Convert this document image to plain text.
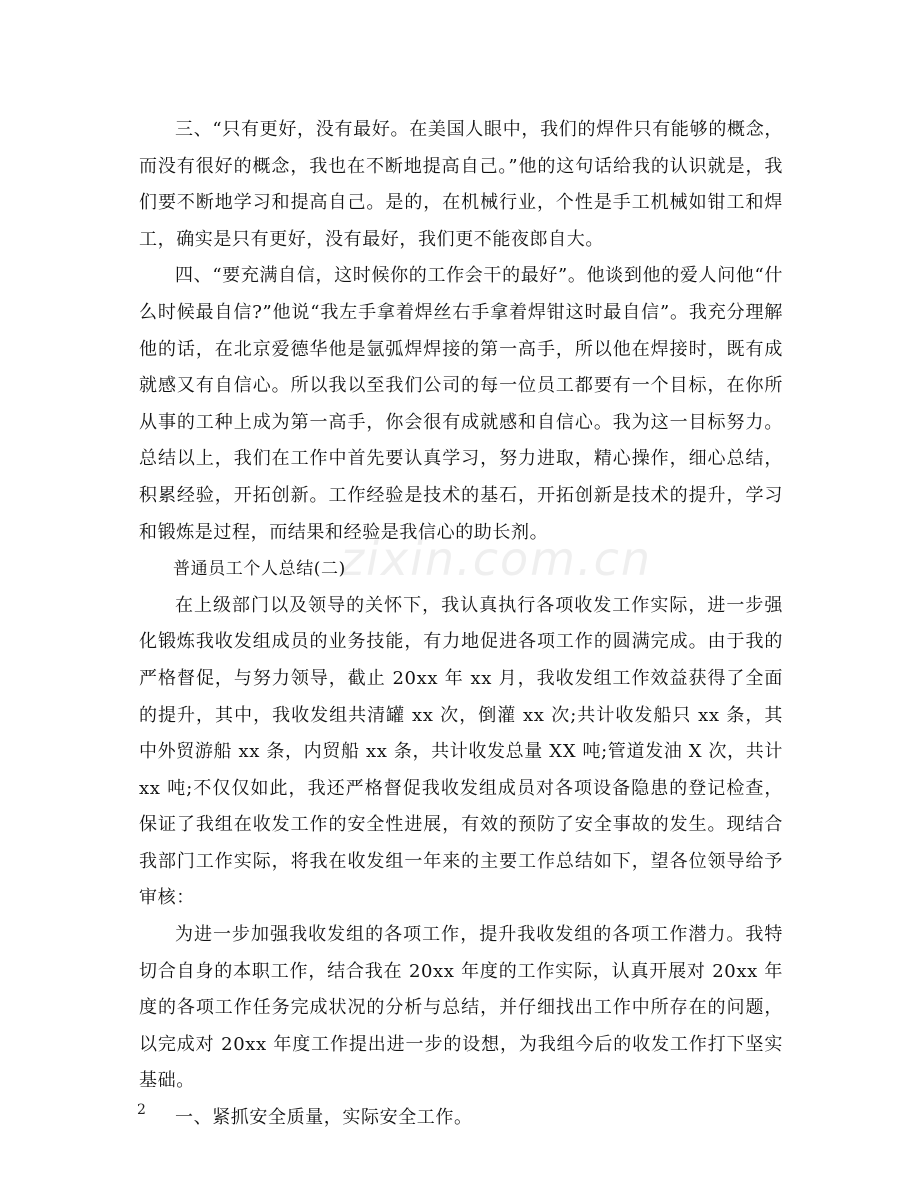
zixin.com.cn

三、“只有更好，没有最好。在美国人眼中，我们的焊件只有能够的概念，而没有很好的概念，我也在不断地提高自己。”他的这句话给我的认识就是，我们要不断地学习和提高自己。是的，在机械行业，个性是手工机械如钳工和焊工，确实是只有更好，没有最好，我们更不能夜郎自大。

四、“要充满自信，这时候你的工作会干的最好”。他谈到他的爱人问他“什么时候最自信?”他说“我左手拿着焊丝右手拿着焊钳这时最自信”。我充分理解他的话，在北京爱德华他是氩弧焊焊接的第一高手，所以他在焊接时，既有成就感又有自信心。所以我以至我们公司的每一位员工都要有一个目标，在你所从事的工种上成为第一高手，你会很有成就感和自信心。我为这一目标努力。总结以上，我们在工作中首先要认真学习，努力进取，精心操作，细心总结，积累经验，开拓创新。工作经验是技术的基石，开拓创新是技术的提升，学习和锻炼是过程，而结果和经验是我信心的助长剂。

普通员工个人总结(二)

在上级部门以及领导的关怀下，我认真执行各项收发工作实际，进一步强化锻炼我收发组成员的业务技能，有力地促进各项工作的圆满完成。由于我的严格督促，与努力领导，截止 20xx 年 xx 月，我收发组工作效益获得了全面的提升，其中，我收发组共清罐 xx 次，倒灌 xx 次;共计收发船只 xx 条，其中外贸游船 xx 条，内贸船 xx 条，共计收发总量 XX 吨;管道发油 X 次，共计 xx 吨;不仅仅如此，我还严格督促我收发组成员对各项设备隐患的登记检查，保证了我组在收发工作的安全性进展，有效的预防了安全事故的发生。现结合我部门工作实际，将我在收发组一年来的主要工作总结如下，望各位领导给予审核：

为进一步加强我收发组的各项工作，提升我收发组的各项工作潜力。我特切合自身的本职工作，结合我在 20xx 年度的工作实际，认真开展对 20xx 年度的各项工作任务完成状况的分析与总结，并仔细找出工作中所存在的问题，以完成对 20xx 年度工作提出进一步的设想，为我组今后的收发工作打下坚实基础。

一、紧抓安全质量，实际安全工作。

2
